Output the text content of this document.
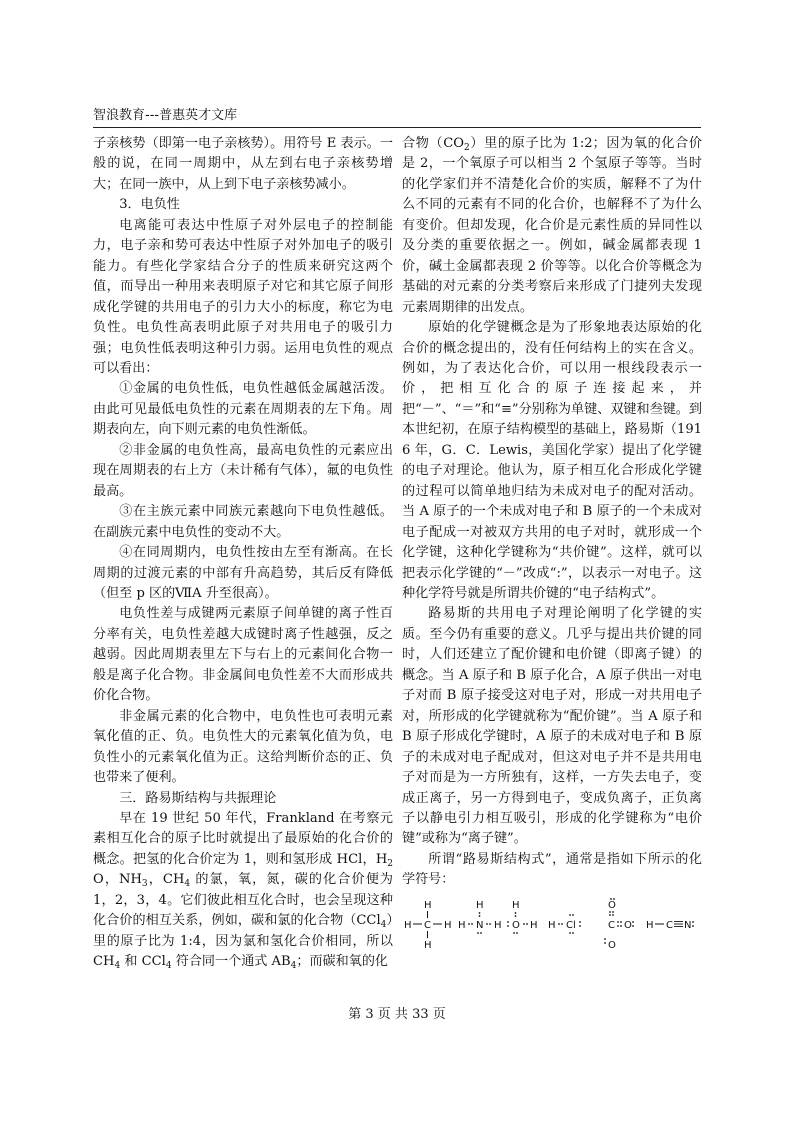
智浪教育---普惠英才文库

子亲核势（即第一电子亲核势）。用符号 E 表示。一般的说，在同一周期中，从左到右电子亲核势增大；在同一族中，从上到下电子亲核势减小。

3．电负性

电离能可表达中性原子对外层电子的控制能力，电子亲和势可表达中性原子对外加电子的吸引能力。有些化学家结合分子的性质来研究这两个值，而导出一种用来表明原子对它和其它原子间形成化学键的共用电子的引力大小的标度，称它为电负性。电负性高表明此原子对共用电子的吸引力强；电负性低表明这种引力弱。运用电负性的观点可以看出：

①金属的电负性低，电负性越低金属越活泼。由此可见最低电负性的元素在周期表的左下角。周期表向左，向下则元素的电负性渐低。

②非金属的电负性高，最高电负性的元素应出现在周期表的右上方（未计稀有气体），氟的电负性最高。

③在主族元素中同族元素越向下电负性越低。在副族元素中电负性的变动不大。

④在同周期内，电负性按由左至有渐高。在长周期的过渡元素的中部有升高趋势，其后反有降低（但至 p 区的ⅦA 升至很高）。

电负性差与成键两元素原子间单键的离子性百分率有关，电负性差越大成键时离子性越强，反之越弱。因此周期表里左下与右上的元素间化合物一般是离子化合物。非金属间电负性差不大而形成共价化合物。

非金属元素的化合物中，电负性也可表明元素氧化值的正、负。电负性大的元素氧化值为负，电负性小的元素氧化值为正。这给判断价态的正、负也带来了便利。

三．路易斯结构与共振理论

早在 19 世纪 50 年代，Frankland 在考察元素相互化合的原子比时就提出了最原始的化合价的概念。把氢的化合价定为 1，则和氢形成 HCl，$H_2O$，$NH_3$，$CH_4$ 的氯，氧，氮，碳的化合价便为 1，2，3，4。它们彼此相互化合时，也会呈现这种化合价的相互关系，例如，碳和氯的化合物（CCl$_4$）里的原子比为 1:4，因为氯和氢化合价相同，所以 $CH_4$ 和 CCl$_4$ 符合同一个通式 $AB_4$；而碳和氧的化

合物$(CO_2)$里的原子比为 1:2；因为氧的化合价是 2，一个氧原子可以相当 2 个氢原子等等。当时的化学家们并不清楚化合价的实质，解释不了为什么不同的元素有不同的化合价，也解释不了为什么有变价。但却发现，化合价是元素性质的异同性以及分类的重要依据之一。例如，碱金属都表现 1 价，碱土金属都表现 2 价等等。以化合价等概念为基础的对元素的分类考察后来形成了门捷列夫发现元素周期律的出发点。

原始的化学键概念是为了形象地表达原始的化合价的概念提出的，没有任何结构上的实在含义。例如，为了表达化合价，可以用一根线段表示一价，把相互化合的原子连接起来，并把“－”、“＝”和“≡”分别称为单键、双键和叁键。到本世纪初，在原子结构模型的基础上，路易斯（1916 年，G．C．Lewis，美国化学家）提出了化学键的电子对理论。他认为，原子相互化合形成化学键的过程可以简单地归结为未成对电子的配对活动。当 A 原子的一个未成对电子和 B 原子的一个未成对电子配成一对被双方共用的电子对时，就形成一个化学键，这种化学键称为“共价键”。这样，就可以把表示化学键的“－”改成“:”，以表示一对电子。这种化学符号就是所谓共价键的“电子结构式”。

路易斯的共用电子对理论阐明了化学键的实质。至今仍有重要的意义。几乎与提出共价键的同时，人们还建立了配价键和电价键（即离子键）的概念。当 A 原子和 B 原子化合，A 原子供出一对电子对而 B 原子接受这对电子对，形成一对共用电子对，所形成的化学键就称为“配价键”。当 A 原子和 B 原子形成化学键时，A 原子的未成对电子和 B 原子的未成对电子配成对，但这对电子并不是共用电子对而是为一方所独有，这样，一方失去电子，变成正离子，另一方得到电子，变成负离子，正负离子以静电引力相互吸引，形成的化学键称为“电价键”或称为“离子键”。

所谓“路易斯结构式”，通常是指如下所示的化学符号：

H
H C H
H
H
H N H
H
O H H Cl
O
C O
O
H C N
第 3 页 共 33 页
